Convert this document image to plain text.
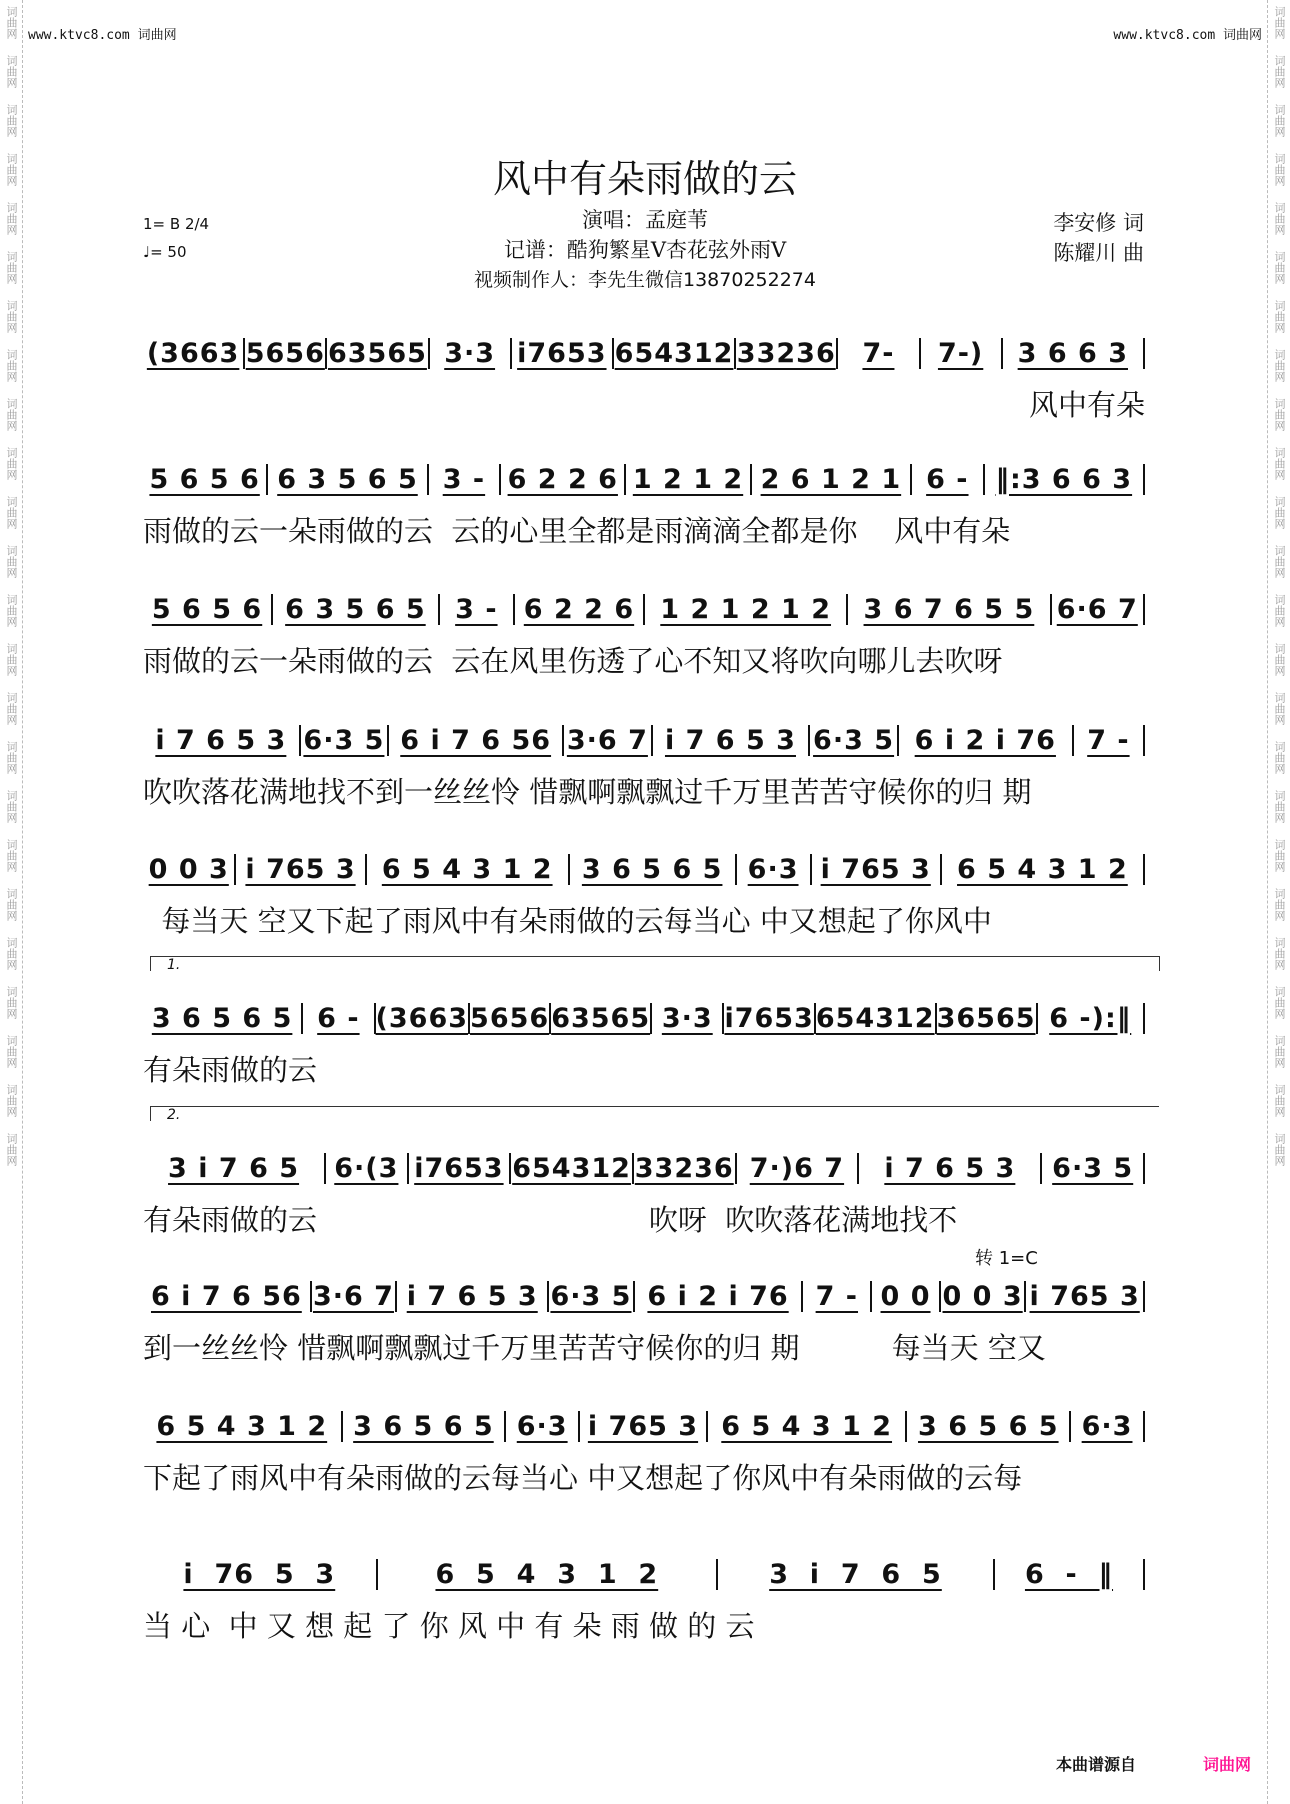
词曲网
词曲网
词曲网
词曲网
词曲网
词曲网
词曲网
词曲网
词曲网
词曲网
词曲网
词曲网
词曲网
词曲网
词曲网
词曲网
词曲网
词曲网
词曲网
词曲网
词曲网
词曲网
词曲网
词曲网
词曲网
词曲网
词曲网
词曲网
词曲网
词曲网
词曲网
词曲网
词曲网
词曲网
词曲网
词曲网
词曲网
词曲网
词曲网
词曲网
词曲网
词曲网
词曲网
词曲网
词曲网
词曲网
词曲网
词曲网
www.ktvc8.com 词曲网	www.ktvc8.com 词曲网
风中有朵雨做的云
1= B 2/4
♩= 50
演唱：孟庭苇
记谱：酷狗繁星V杏花弦外雨V
视频制作人：李先生微信13870252274
李安修 词
陈耀川 曲
(3663 5656 63565 3·3 i7653 654312 33236 7-	7-)	3 6 6 3
风中有朵
5 6 5 6 6 3 5 6 5 3 - 6 2 2 6 1 2 1 2 2 6 1 2 1 6 - ‖:3 6 6 3
雨做的云一朵雨做的云  云的心里全都是雨滴滴全都是你    风中有朵
5 6 5 6 6 3 5 6 5	3 - 6 2 2 6 1 2 1 2 1 2	3 6 7 6 5 5 6·6 7
雨做的云一朵雨做的云  云在风里伤透了心不知又将吹向哪儿去吹呀
i 7 6 5 3 6·3 5 6 i 7 6 56 3·6 7 i 7 6 5 3 6·3 5 6 i 2 i 76	7 -
吹吹落花满地找不到一丝丝怜 惜飘啊飘飘过千万里苦苦守候你的归 期
0 0 3 i 765 3 6 5 4 3 1 2	3 6 5 6 5 6·3 i 765 3 6 5 4 3 1 2
每当天 空又下起了雨风中有朵雨做的云每当心 中又想起了你风中
3 6 5 6 5 6 - (3663 5656 63565 3·3 i7653 654312 36565 6 -):‖
有朵雨做的云
1.
3 i 7 6 5	6·(3 i7653 654312 33236 7·)6 7	i 7 6 5 3	6·3 5
有朵雨做的云                                    吹呀  吹吹落花满地找不
2.
6 i 7 6 56 3·6 7 i 7 6 5 3 6·3 5 6 i 2 i 76 7 - 0 0 0 0 3 i 765 3
到一丝丝怜 惜飘啊飘飘过千万里苦苦守候你的归 期          每当天 空又
转 1=C
6 5 4 3 1 2 3 6 5 6 5 6·3 i 765 3 6 5 4 3 1 2 3 6 5 6 5 6·3
下起了雨风中有朵雨做的云每当心 中又想起了你风中有朵雨做的云每
i  76  5  3	6  5  4  3  1  2	3  i  7  6  5	6  -  ‖
当 心  中 又 想 起 了 你 风 中 有 朵 雨 做 的 云
本曲谱源自	词曲网
